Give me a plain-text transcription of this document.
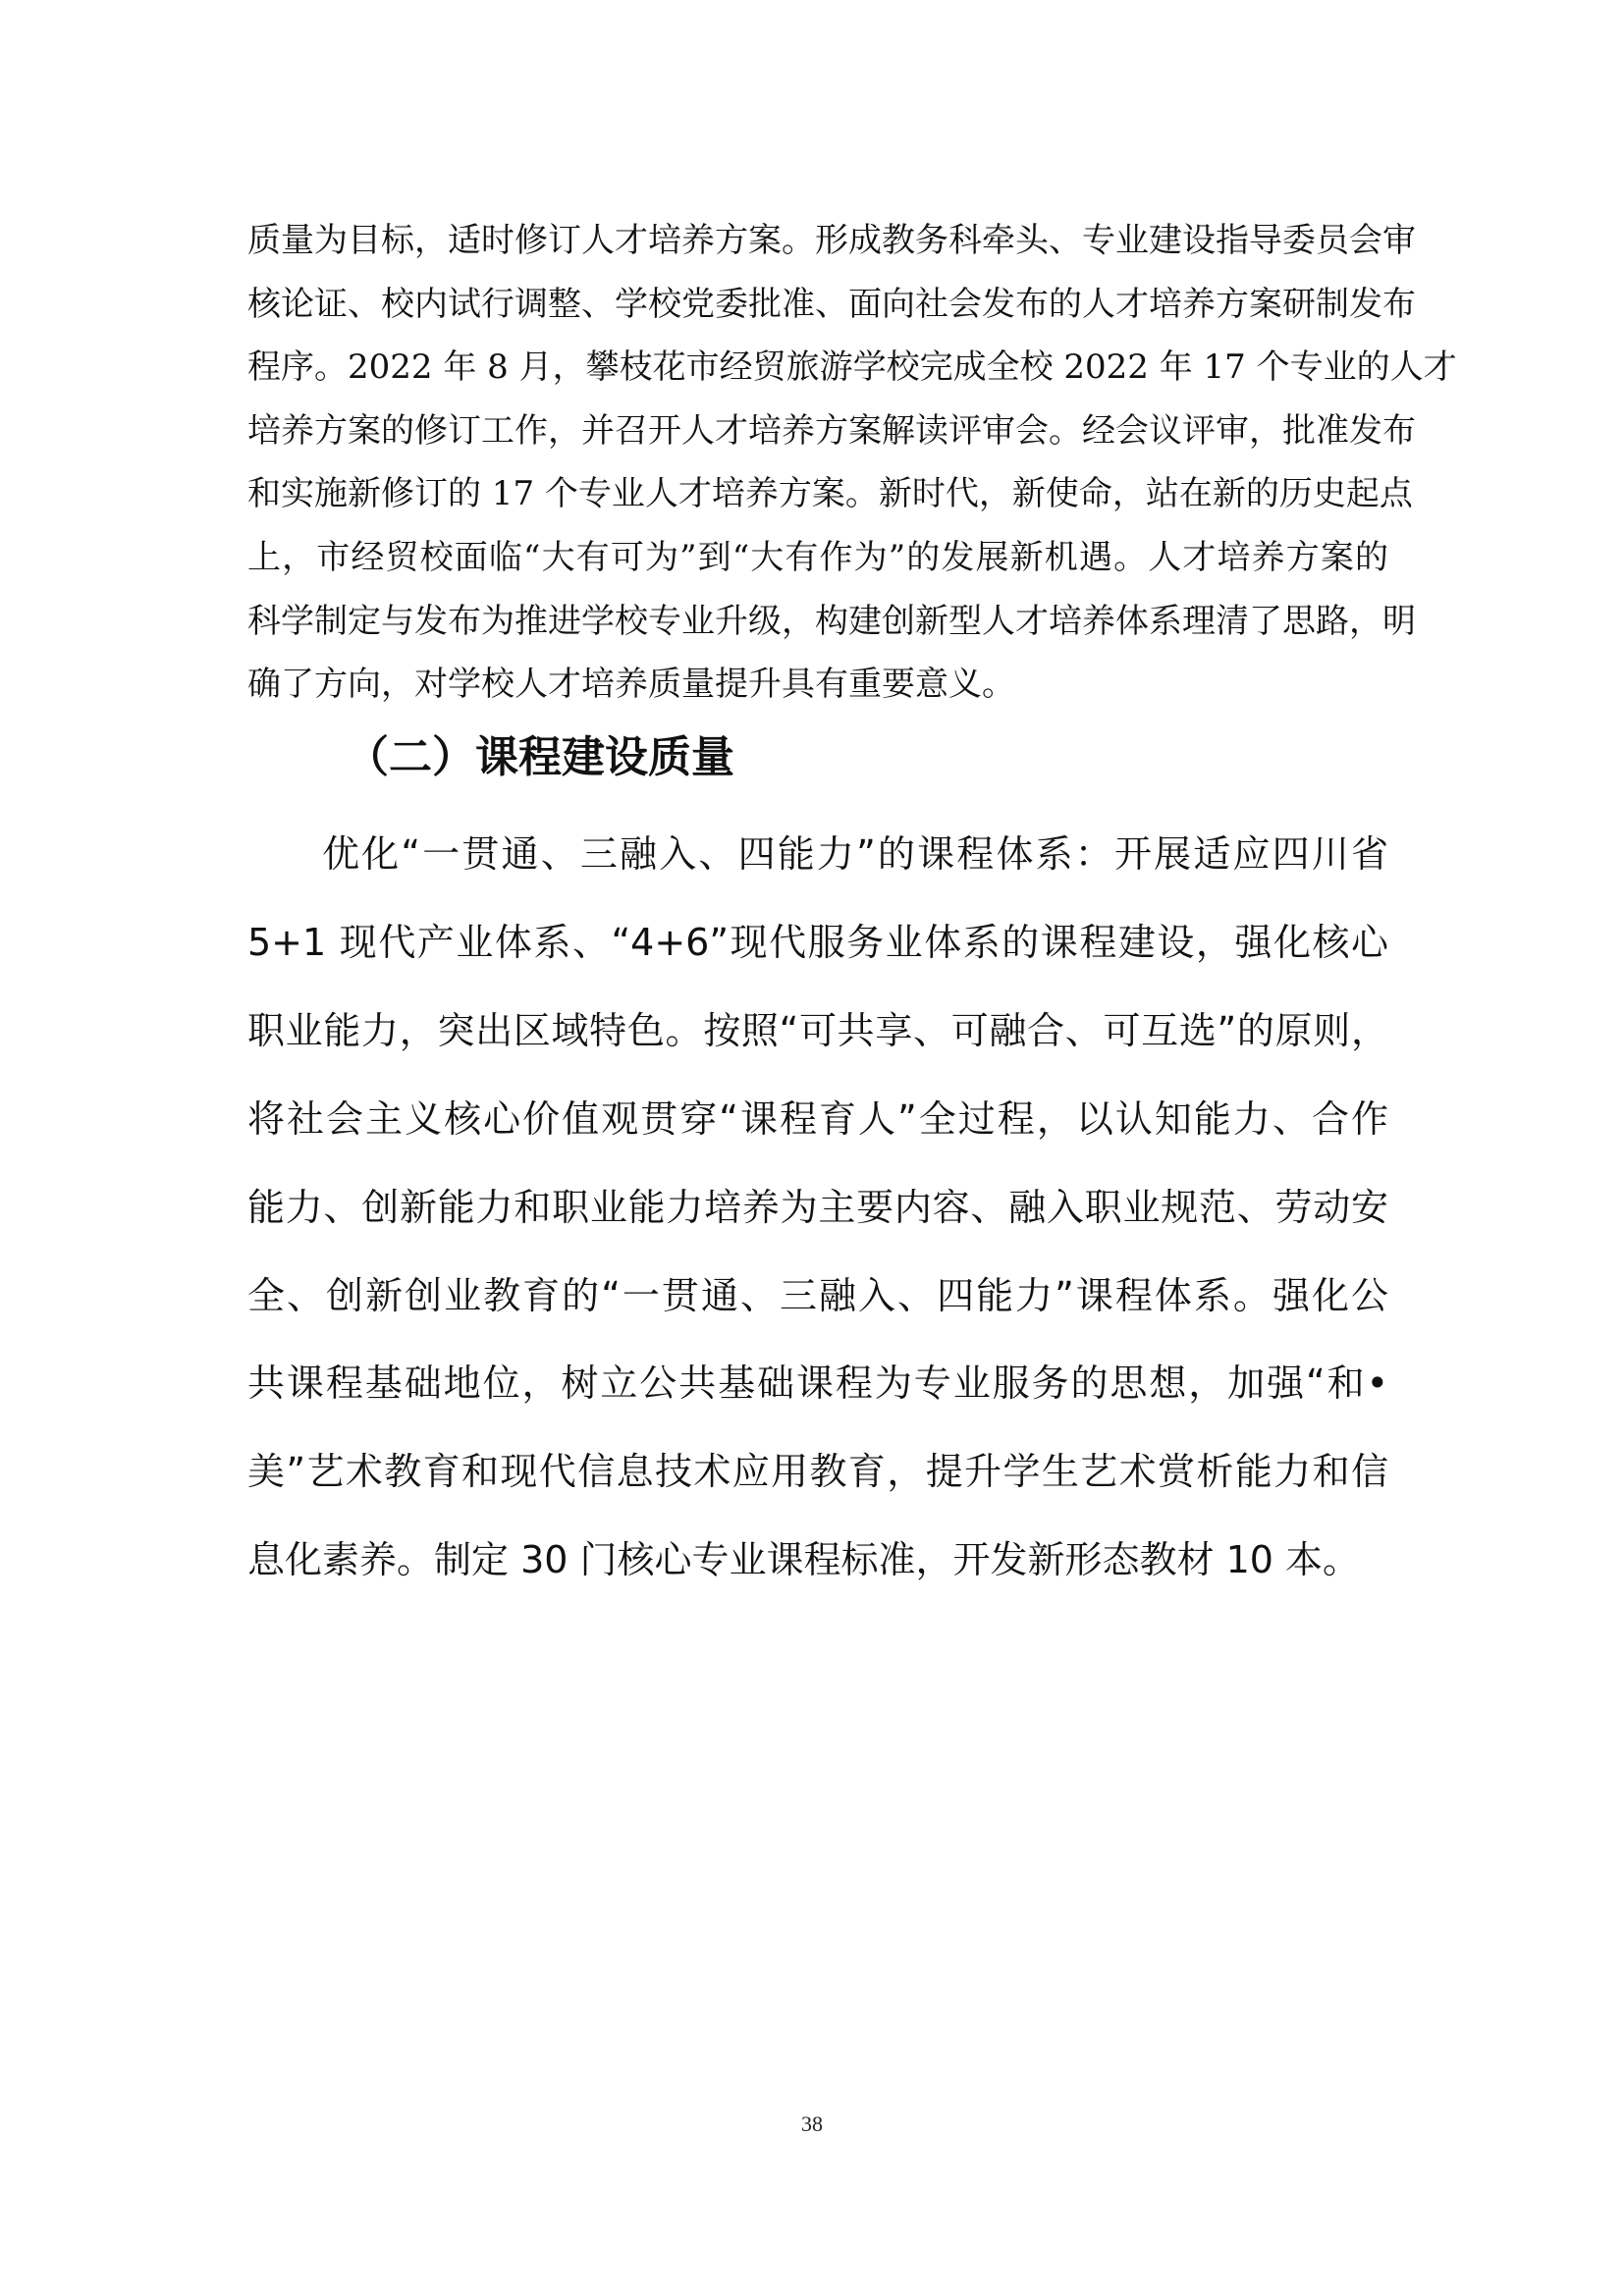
质量为目标，适时修订人才培养方案。形成教务科牵头、专业建设指导委员会审
核论证、校内试行调整、学校党委批准、面向社会发布的人才培养方案研制发布
程序。2022 年 8 月，攀枝花市经贸旅游学校完成全校 2022 年 17 个专业的人才
培养方案的修订工作，并召开人才培养方案解读评审会。经会议评审，批准发布
和实施新修订的 17 个专业人才培养方案。新时代，新使命，站在新的历史起点
上，市经贸校面临“大有可为”到“大有作为”的发展新机遇。人才培养方案的
科学制定与发布为推进学校专业升级，构建创新型人才培养体系理清了思路，明
确了方向，对学校人才培养质量提升具有重要意义。
（二）课程建设质量
优化“一贯通、三融入、四能力”的课程体系：开展适应四川省
5+1 现代产业体系、“4+6”现代服务业体系的课程建设，强化核心
职业能力，突出区域特色。按照“可共享、可融合、可互选”的原则，
将社会主义核心价值观贯穿“课程育人”全过程，以认知能力、合作
能力、创新能力和职业能力培养为主要内容、融入职业规范、劳动安
全、创新创业教育的“一贯通、三融入、四能力”课程体系。强化公
共课程基础地位，树立公共基础课程为专业服务的思想，加强“和•
美”艺术教育和现代信息技术应用教育，提升学生艺术赏析能力和信
息化素养。制定 30 门核心专业课程标准，开发新形态教材 10 本。
38
